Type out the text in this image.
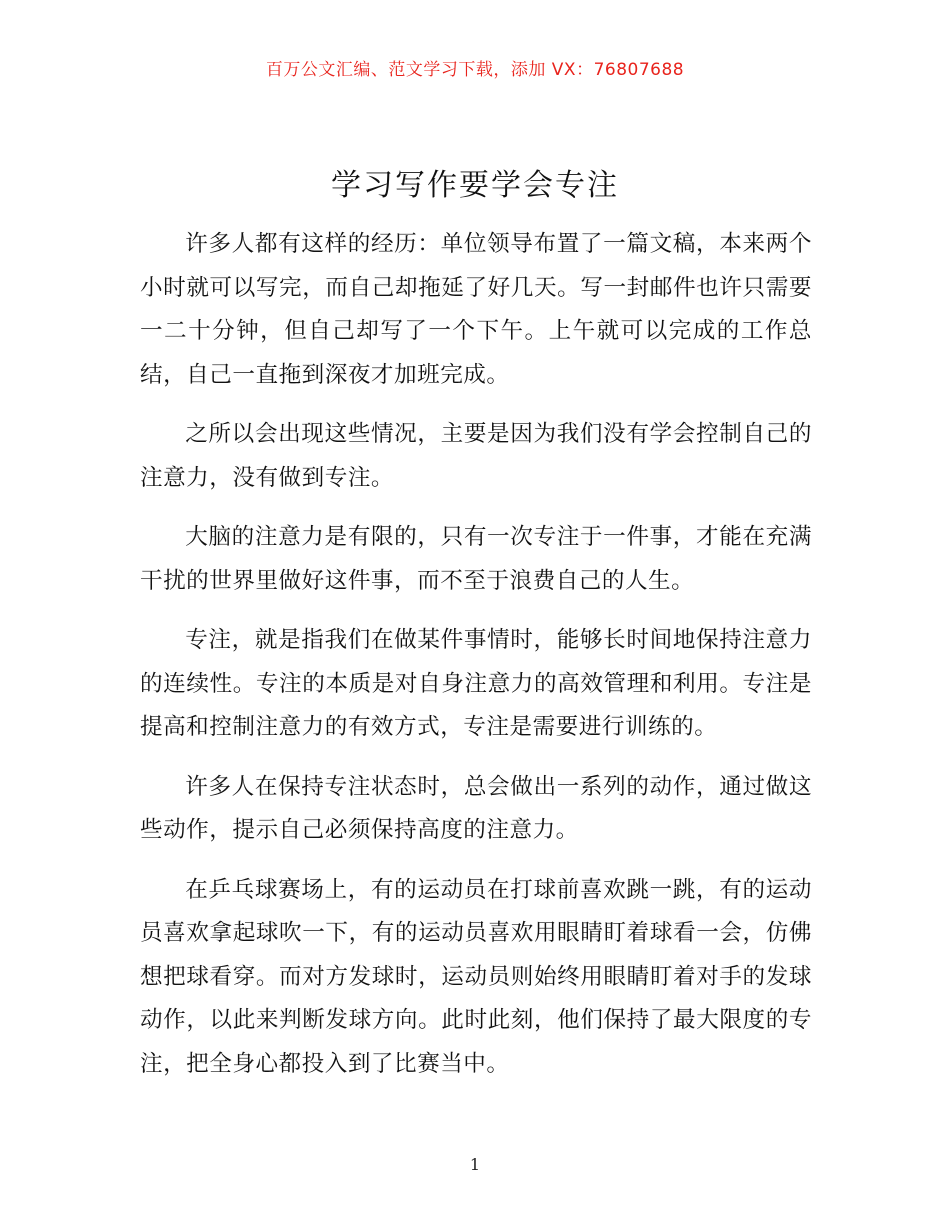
百万公文汇编、范文学习下载，添加 VX：76807688
学习写作要学会专注

许多人都有这样的经历：单位领导布置了一篇文稿，本来两个小时就可以写完，而自己却拖延了好几天。写一封邮件也许只需要一二十分钟，但自己却写了一个下午。上午就可以完成的工作总结，自己一直拖到深夜才加班完成。

之所以会出现这些情况，主要是因为我们没有学会控制自己的注意力，没有做到专注。

大脑的注意力是有限的，只有一次专注于一件事，才能在充满干扰的世界里做好这件事，而不至于浪费自己的人生。

专注，就是指我们在做某件事情时，能够长时间地保持注意力的连续性。专注的本质是对自身注意力的高效管理和利用。专注是提高和控制注意力的有效方式，专注是需要进行训练的。

许多人在保持专注状态时，总会做出一系列的动作，通过做这些动作，提示自己必须保持高度的注意力。

在乒乓球赛场上，有的运动员在打球前喜欢跳一跳，有的运动员喜欢拿起球吹一下，有的运动员喜欢用眼睛盯着球看一会，仿佛想把球看穿。而对方发球时，运动员则始终用眼睛盯着对手的发球动作，以此来判断发球方向。此时此刻，他们保持了最大限度的专注，把全身心都投入到了比赛当中。

1
